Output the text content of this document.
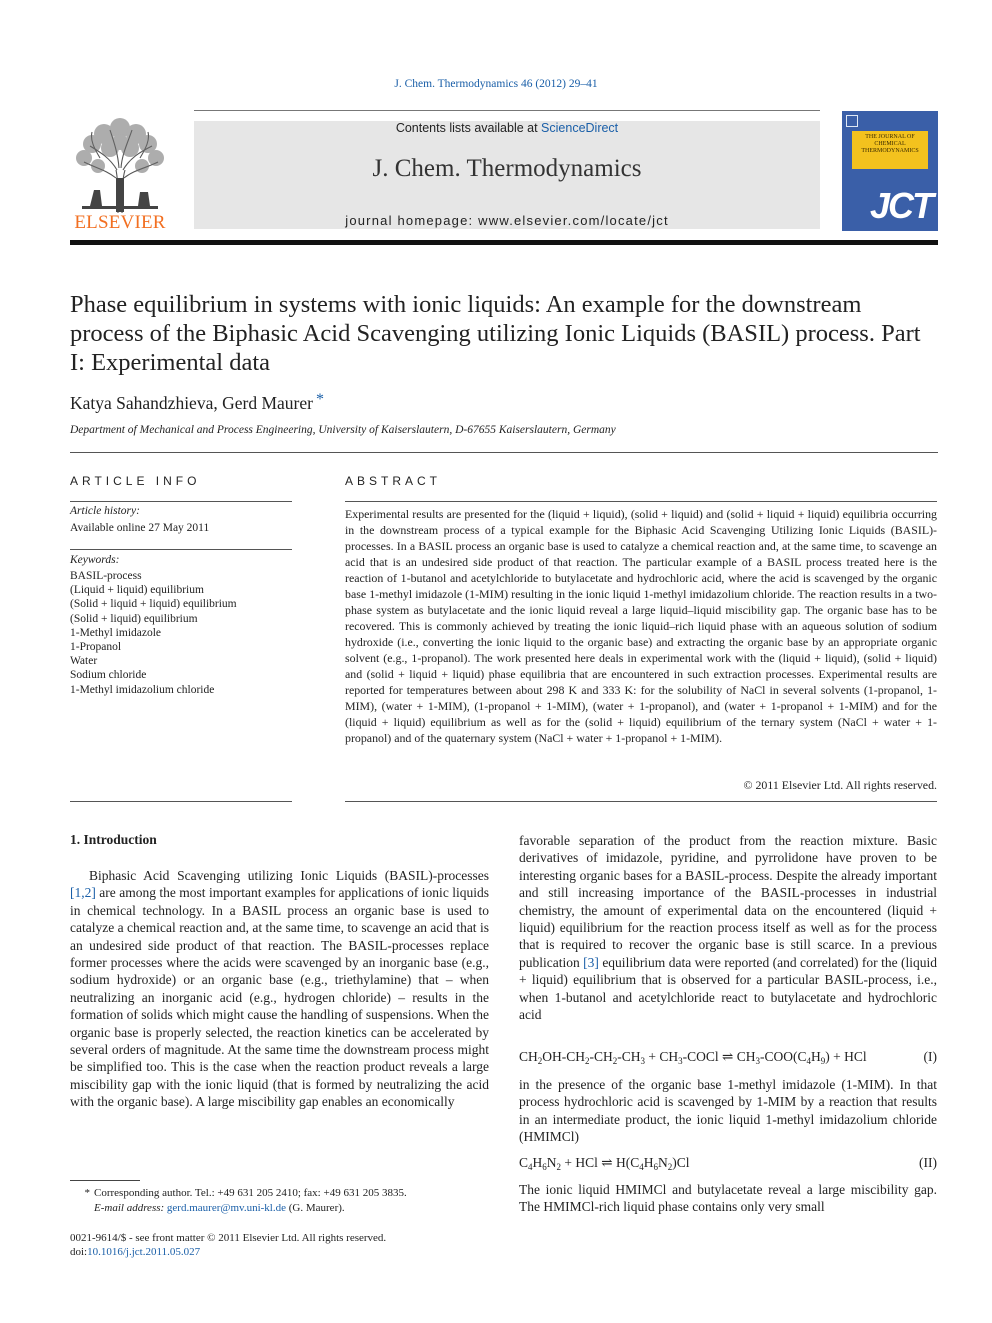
J. Chem. Thermodynamics 46 (2012) 29–41
ELSEVIER
Contents lists available at ScienceDirect
J. Chem. Thermodynamics
journal homepage: www.elsevier.com/locate/jct
THE JOURNAL OF CHEMICAL THERMODYNAMICS
JCT
Phase equilibrium in systems with ionic liquids: An example for the downstream process of the Biphasic Acid Scavenging utilizing Ionic Liquids (BASIL) process. Part I: Experimental data
Katya Sahandzhieva, Gerd Maurer *
Department of Mechanical and Process Engineering, University of Kaiserslautern, D-67655 Kaiserslautern, Germany
ARTICLE INFO
Article history:
Available online 27 May 2011
Keywords:
BASIL-process
(Liquid + liquid) equilibrium
(Solid + liquid + liquid) equilibrium
(Solid + liquid) equilibrium
1-Methyl imidazole
1-Propanol
Water
Sodium chloride
1-Methyl imidazolium chloride
ABSTRACT
Experimental results are presented for the (liquid + liquid), (solid + liquid) and (solid + liquid + liquid) equilibria occurring in the downstream process of a typical example for the Biphasic Acid Scavenging Utilizing Ionic Liquids (BASIL)-processes. In a BASIL process an organic base is used to catalyze a chemical reaction and, at the same time, to scavenge an acid that is an undesired side product of that reaction. The particular example of a BASIL process treated here is the reaction of 1-butanol and acetylchloride to butylacetate and hydrochloric acid, where the acid is scavenged by the organic base 1-methyl imidazole (1-MIM) resulting in the ionic liquid 1-methyl imidazolium chloride. The reaction results in a two-phase system as butylacetate and the ionic liquid reveal a large liquid–liquid miscibility gap. The organic base has to be recovered. This is commonly achieved by treating the ionic liquid–rich liquid phase with an aqueous solution of sodium hydroxide (i.e., converting the ionic liquid to the organic base) and extracting the organic base by an appropriate organic solvent (e.g., 1-propanol). The work presented here deals in experimental work with the (liquid + liquid), (solid + liquid) and (solid + liquid + liquid) phase equilibria that are encountered in such extraction processes. Experimental results are reported for temperatures between about 298 K and 333 K: for the solubility of NaCl in several solvents (1-propanol, 1-MIM), (water + 1-MIM), (1-propanol + 1-MIM), (water + 1-propanol), and (water + 1-propanol + 1-MIM) and for the (liquid + liquid) equilibrium as well as for the (solid + liquid) equilibrium of the ternary system (NaCl + water + 1-propanol) and of the quaternary system (NaCl + water + 1-propanol + 1-MIM).
© 2011 Elsevier Ltd. All rights reserved.
1. Introduction

Biphasic Acid Scavenging utilizing Ionic Liquids (BASIL)-processes [1,2] are among the most important examples for applications of ionic liquids in chemical technology. In a BASIL process an organic base is used to catalyze a chemical reaction and, at the same time, to scavenge an acid that is an undesired side product of that reaction. The BASIL-processes replace former processes where the acids were scavenged by an inorganic base (e.g., sodium hydroxide) or an organic base (e.g., triethylamine) that – when neutralizing an inorganic acid (e.g., hydrogen chloride) – results in the formation of solids which might cause the handling of suspensions. When the organic base is properly selected, the reaction kinetics can be accelerated by several orders of magnitude. At the same time the downstream process might be simplified too. This is the case when the reaction product reveals a large miscibility gap with the ionic liquid (that is formed by neutralizing the acid with the organic base). A large miscibility gap enables an economically

* Corresponding author. Tel.: +49 631 205 2410; fax: +49 631 205 3835.
E-mail address: gerd.maurer@mv.uni-kl.de (G. Maurer).
0021-9614/$ - see front matter © 2011 Elsevier Ltd. All rights reserved.
doi:10.1016/j.jct.2011.05.027

favorable separation of the product from the reaction mixture. Basic derivatives of imidazole, pyridine, and pyrrolidone have proven to be interesting organic bases for a BASIL-process. Despite the already important and still increasing importance of the BASIL-processes in industrial chemistry, the amount of experimental data on the encountered (liquid + liquid) equilibrium for the reaction process itself as well as for the process that is required to recover the organic base is still scarce. In a previous publication [3] equilibrium data were reported (and correlated) for the (liquid + liquid) equilibrium that is observed for a particular BASIL-process, i.e., when 1-butanol and acetylchloride react to butylacetate and hydrochloric acid

$CH_2OH-CH_2-CH_2-CH_3$ + $CH_3$-COCl ⇌ $CH_3-COO(C_4H_9)$ + HCl	(I)
in the presence of the organic base 1-methyl imidazole (1-MIM). In that process hydrochloric acid is scavenged by 1-MIM by a reaction that results in an intermediate product, the ionic liquid 1-methyl imidazolium chloride (HMIMCl)
$C_4H_6N_2$ + HCl ⇌ $H(C_4H_6N_2)Cl$	(II)
The ionic liquid HMIMCl and butylacetate reveal a large miscibility gap. The HMIMCl-rich liquid phase contains only very small
